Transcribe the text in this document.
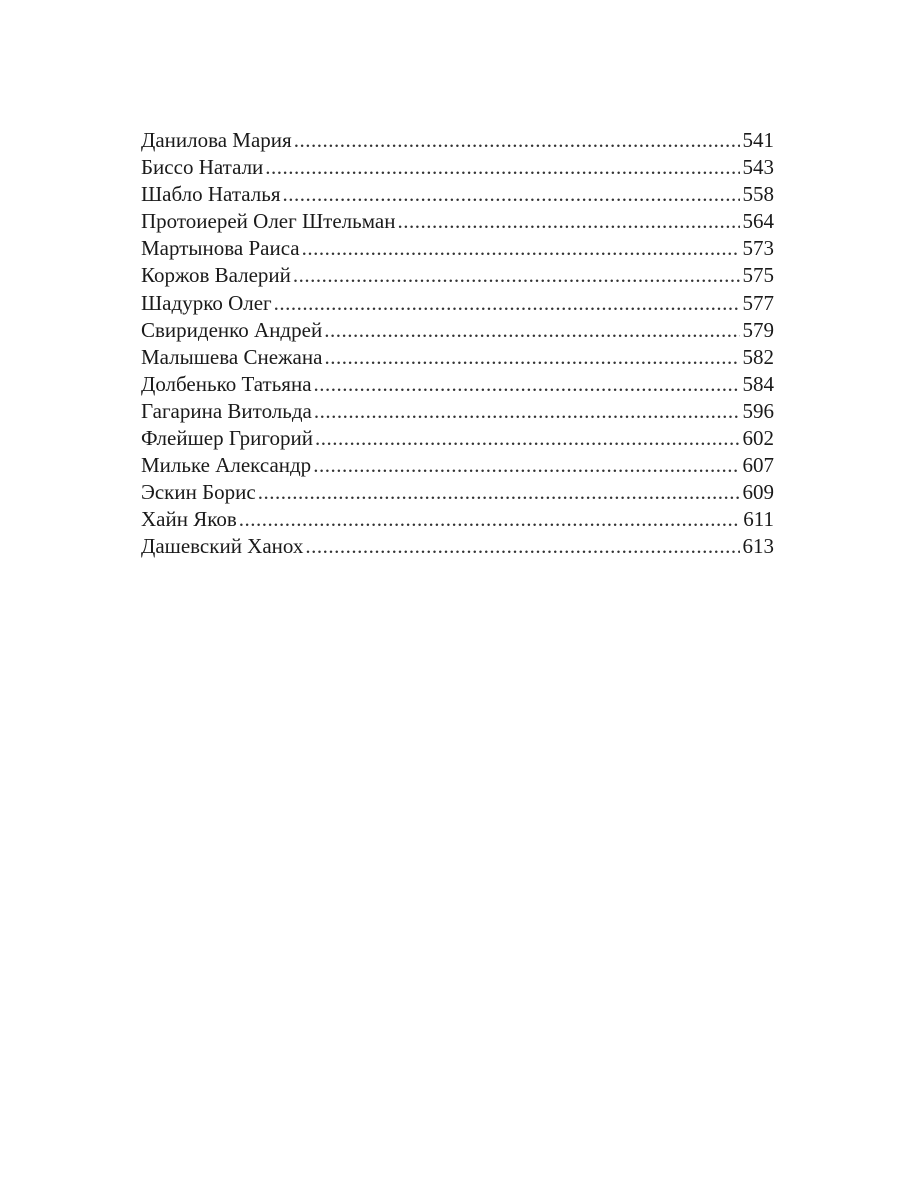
Данилова Мария .....	541
Биссо Натали .....	543
Шабло Наталья .....	558
Протоиерей Олег Штельман .....	564
Мартынова Раиса .....	573
Коржов Валерий .....	575
Шадурко Олег .....	577
Свириденко Андрей .....	579
Малышева Снежана .....	582
Долбенько Татьяна .....	584
Гагарина Витольда .....	596
Флейшер Григорий .....	602
Мильке Александр .....	607
Эскин Борис .....	609
Хайн Яков .....	611
Дашевский Ханох .....	613
